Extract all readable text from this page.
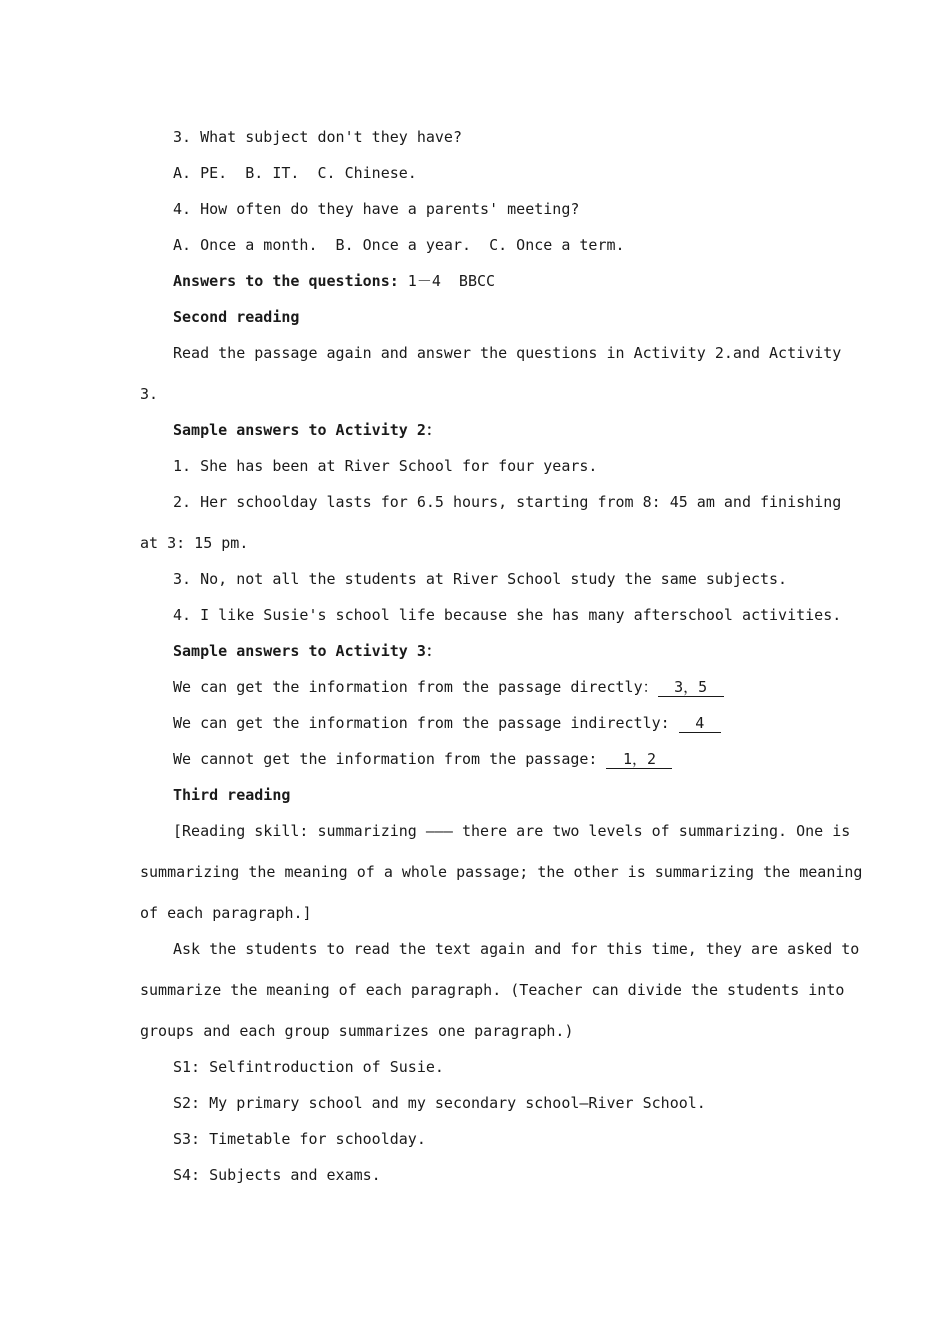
3. What subject don't they have?
A. PE.  B. IT.  C. Chinese.
4. How often do they have a parents' meeting?
A. Once a month.  B. Once a year.  C. Once a term.
Answers to the questions: 1－4  BBCC
Second reading
Read the passage again and answer the questions in Activity 2.and Activity
3.
Sample answers to Activity 2：
1. She has been at River School for four years.
2. Her schoolday lasts for 6.5 hours, starting from 8: 45 am and finishing
at 3: 15 pm.
3. No, not all the students at River School study the same subjects.
4. I like Susie's school life because she has many afterschool activities.
Sample answers to Activity 3：
We can get the information from the passage directly： 3，5
We can get the information from the passage indirectly: 4
We cannot get the information from the passage: 1，2
Third reading
[Reading skill: summarizing ——— there are two levels of summarizing. One is
summarizing the meaning of a whole passage; the other is summarizing the meaning
of each paragraph.]
Ask the students to read the text again and for this time, they are asked to
summarize the meaning of each paragraph. (Teacher can divide the students into
groups and each group summarizes one paragraph.)
S1: Selfintroduction of Susie.
S2: My primary school and my secondary school—River School.
S3: Timetable for schoolday.
S4: Subjects and exams.
